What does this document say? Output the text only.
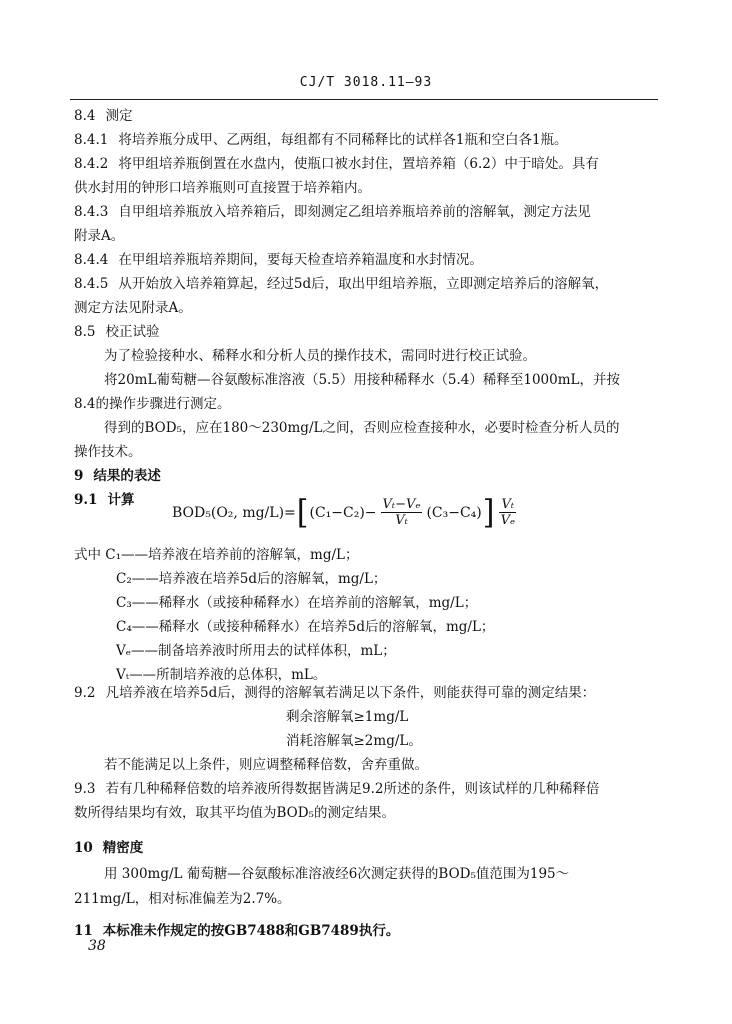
CJ/T 3018.11—93
8.4 测定
8.4.1 将培养瓶分成甲、乙两组，每组都有不同稀释比的试样各1瓶和空白各1瓶。
8.4.2 将甲组培养瓶倒置在水盘内，使瓶口被水封住，置培养箱（6.2）中于暗处。具有
供水封用的钟形口培养瓶则可直接置于培养箱内。
8.4.3 自甲组培养瓶放入培养箱后，即刻测定乙组培养瓶培养前的溶解氧，测定方法见
附录A。
8.4.4 在甲组培养瓶培养期间，要每天检查培养箱温度和水封情况。
8.4.5 从开始放入培养箱算起，经过5d后，取出甲组培养瓶，立即测定培养后的溶解氧，
测定方法见附录A。
8.5 校正试验
为了检验接种水、稀释水和分析人员的操作技术，需同时进行校正试验。
将20mL葡萄糖—谷氨酸标准溶液（5.5）用接种稀释水（5.4）稀释至1000mL，并按
8.4的操作步骤进行测定。
得到的BOD₅，应在180～230mg/L之间，否则应检查接种水，必要时检查分析人员的
操作技术。
9 结果的表述
9.1 计算
式中 C₁——培养液在培养前的溶解氧，mg/L；
C₂——培养液在培养5d后的溶解氧，mg/L；
C₃——稀释水（或接种稀释水）在培养前的溶解氧，mg/L；
C₄——稀释水（或接种稀释水）在培养5d后的溶解氧，mg/L；
Vₑ——制备培养液时所用去的试样体积，mL；
Vₜ——所制培养液的总体积，mL。
9.2 凡培养液在培养5d后，测得的溶解氧若满足以下条件，则能获得可靠的测定结果：
剩余溶解氧≥1mg/L
消耗溶解氧≥2mg/L。
若不能满足以上条件，则应调整稀释倍数，舍弃重做。
9.3 若有几种稀释倍数的培养液所得数据皆满足9.2所述的条件，则该试样的几种稀释倍
数所得结果均有效，取其平均值为BOD₅的测定结果。
10 精密度
用 300mg/L 葡萄糖—谷氨酸标准溶液经6次测定获得的BOD₅值范围为195～
211mg/L，相对标准偏差为2.7%。
11 本标准未作规定的按GB7488和GB7489执行。
BOD₅(O₂, mg/L)= [ $(C_1-C_2)- \frac{\text{Vₜ−Vₑ}}{\text{Vₜ}} (C_3-C_4)$ ] $\frac{\text{Vₜ}}{\text{Vₑ}}$
38
